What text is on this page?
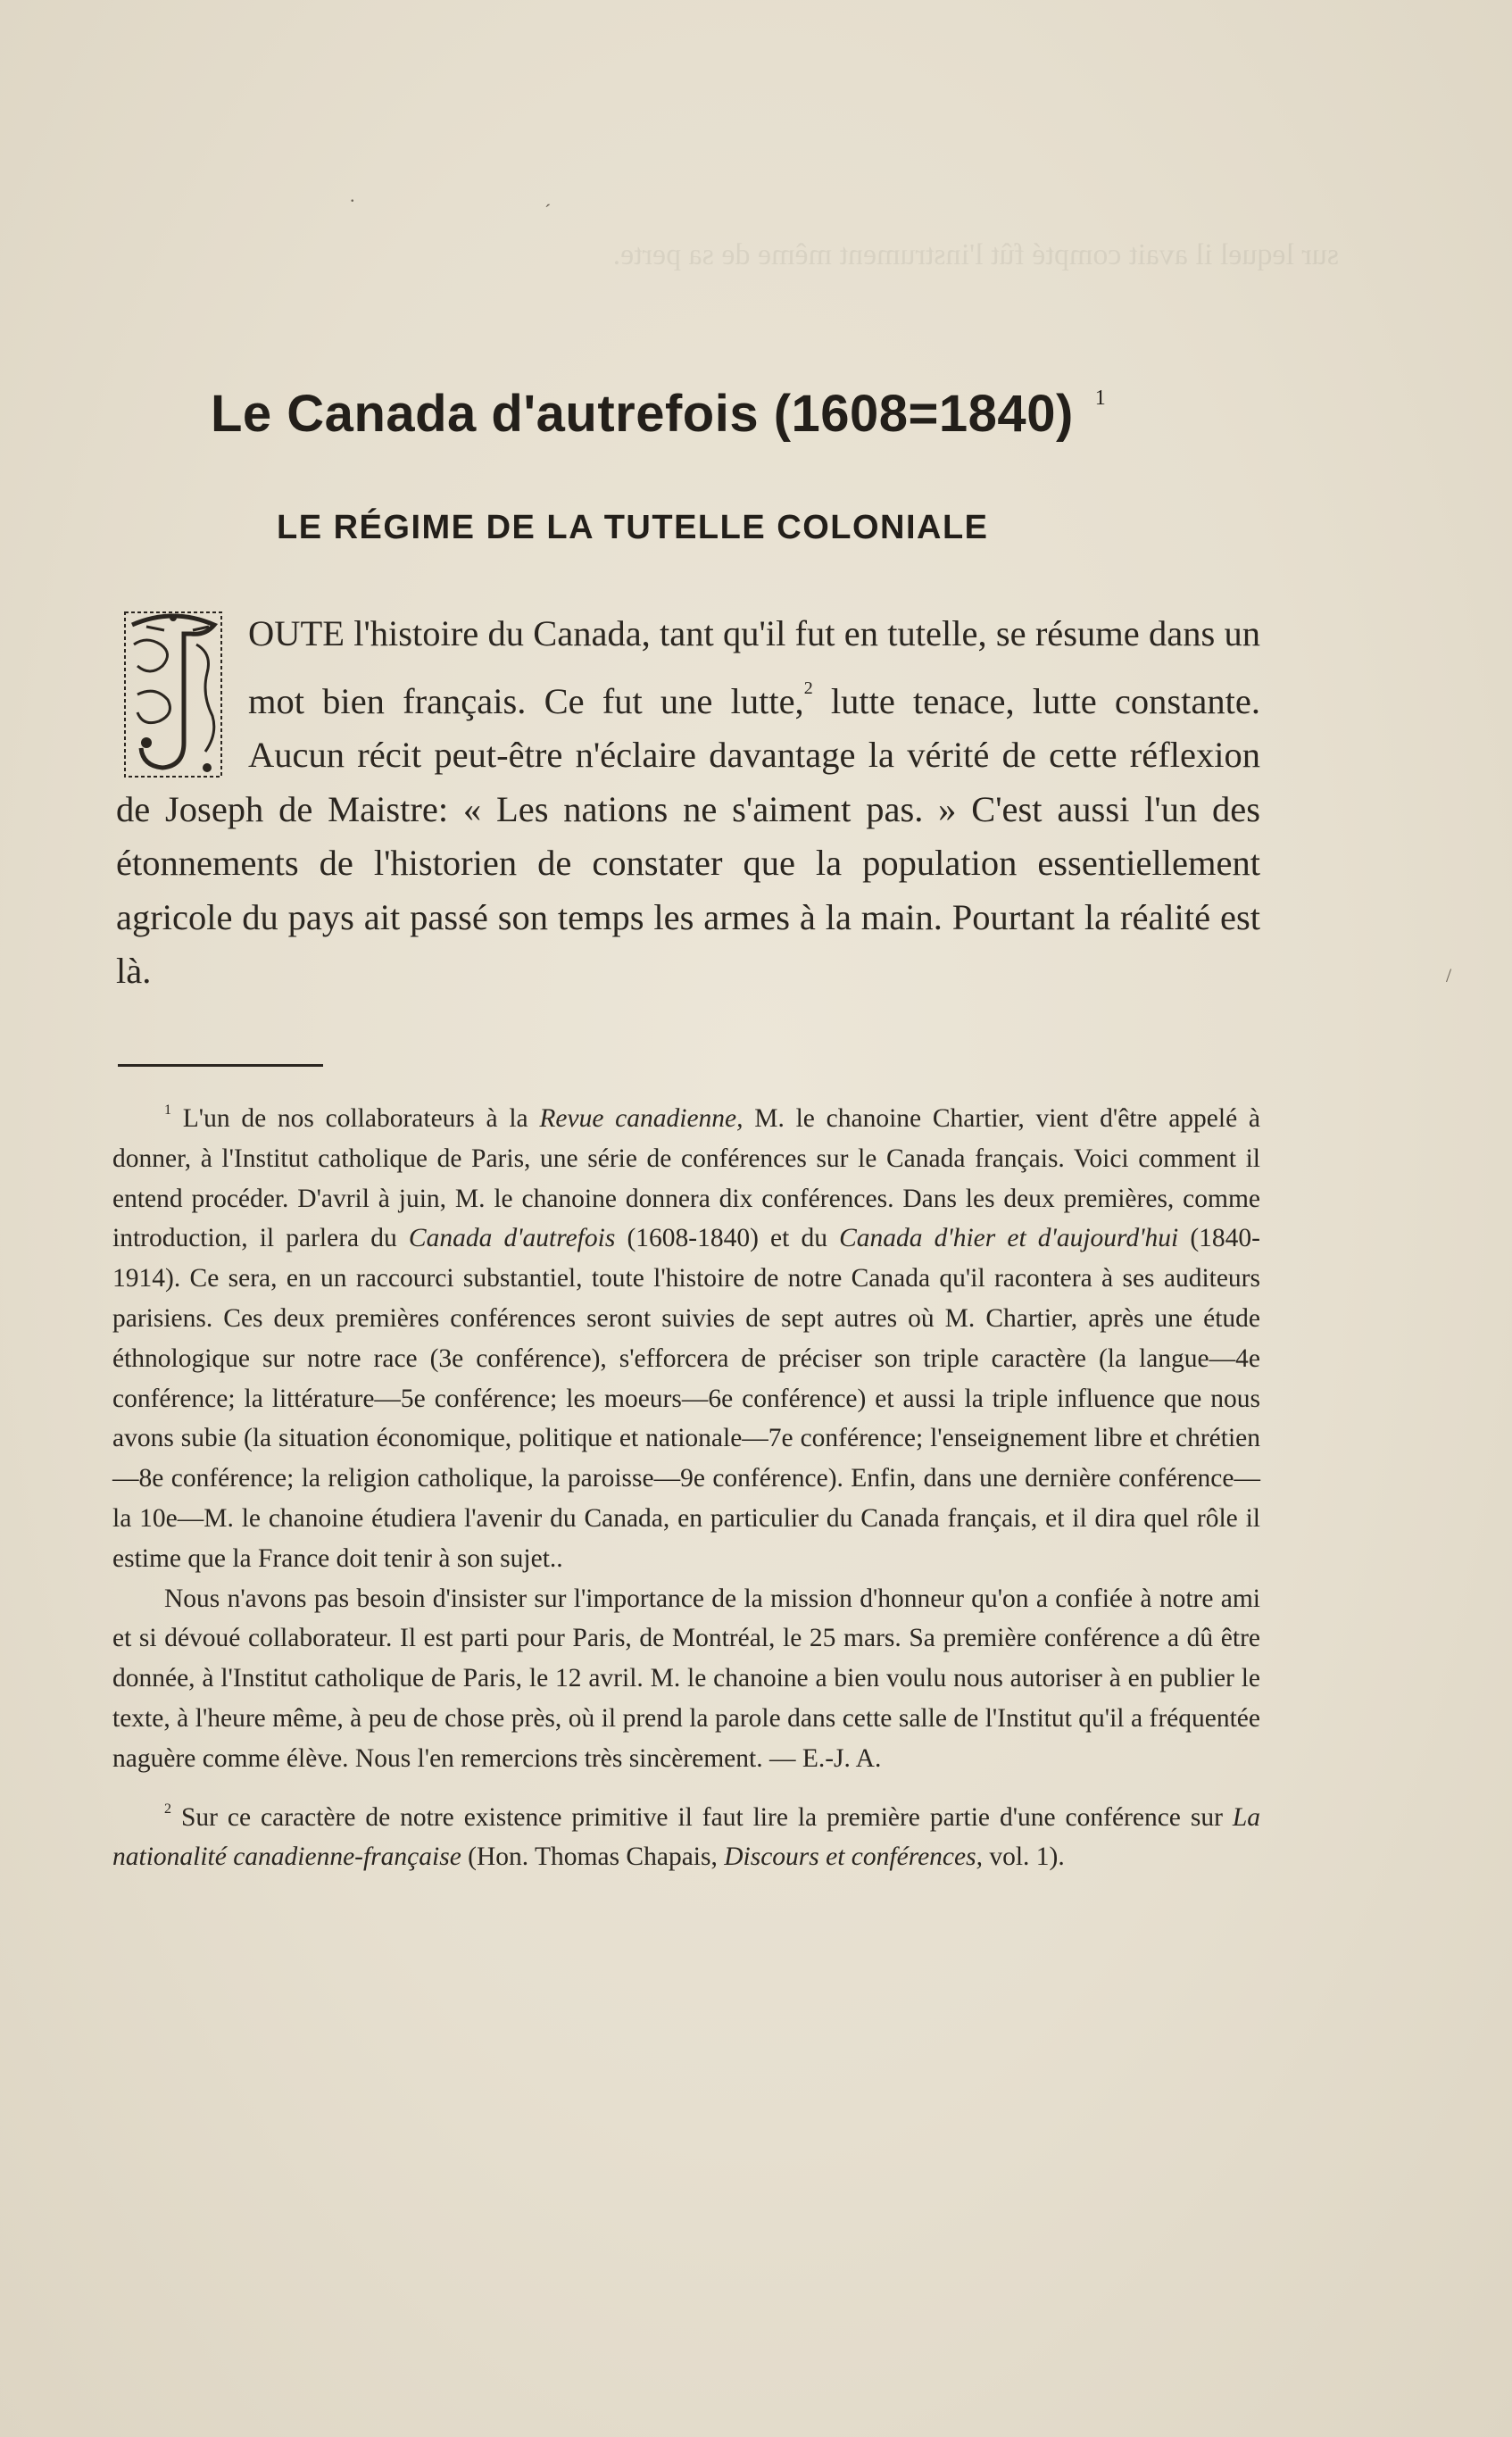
sur lequel il avait compté fût l'instrument même de sa perte.
.
´
/
Le Canada d'autrefois (1608=1840) $^1$
LE RÉGIME DE LA TUTELLE COLONIALE
OUTE l'histoire du Canada, tant qu'il fut en tutelle, se résume dans un mot bien français. Ce fut une lutte,$^2$ lutte tenace, lutte constante. Aucun récit peut-être n'éclaire davantage la vérité de cette réflexion de Joseph de Maistre: « Les nations ne s'aiment pas. » C'est aussi l'un des étonnements de l'historien de constater que la population essentiellement agricole du pays ait passé son temps les armes à la main. Pourtant la réalité est là.

$^1$ L'un de nos collaborateurs à la Revue canadienne, M. le chanoine Chartier, vient d'être appelé à donner, à l'Institut catholique de Paris, une série de conférences sur le Canada français. Voici comment il entend procéder. D'avril à juin, M. le chanoine donnera dix conférences. Dans les deux premières, comme introduction, il parlera du Canada d'autrefois (1608-1840) et du Canada d'hier et d'aujourd'hui (1840-1914). Ce sera, en un raccourci substantiel, toute l'histoire de notre Canada qu'il racontera à ses auditeurs parisiens. Ces deux premières conférences seront suivies de sept autres où M. Chartier, après une étude éthnologique sur notre race (3e conférence), s'efforcera de préciser son triple caractère (la langue—4e conférence; la littérature—5e conférence; les moeurs—6e conférence) et aussi la triple influence que nous avons subie (la situation économique, politique et nationale—7e conférence; l'enseignement libre et chrétien—8e conférence; la religion catholique, la paroisse—9e conférence). Enfin, dans une dernière conférence—la 10e—M. le chanoine étudiera l'avenir du Canada, en particulier du Canada français, et il dira quel rôle il estime que la France doit tenir à son sujet..

Nous n'avons pas besoin d'insister sur l'importance de la mission d'honneur qu'on a confiée à notre ami et si dévoué collaborateur. Il est parti pour Paris, de Montréal, le 25 mars. Sa première conférence a dû être donnée, à l'Institut catholique de Paris, le 12 avril. M. le chanoine a bien voulu nous autoriser à en publier le texte, à l'heure même, à peu de chose près, où il prend la parole dans cette salle de l'Institut qu'il a fréquentée naguère comme élève. Nous l'en remercions très sincèrement. — E.-J. A.

$^2$ Sur ce caractère de notre existence primitive il faut lire la première partie d'une conférence sur La nationalité canadienne-française (Hon. Thomas Chapais, Discours et conférences, vol. 1).
